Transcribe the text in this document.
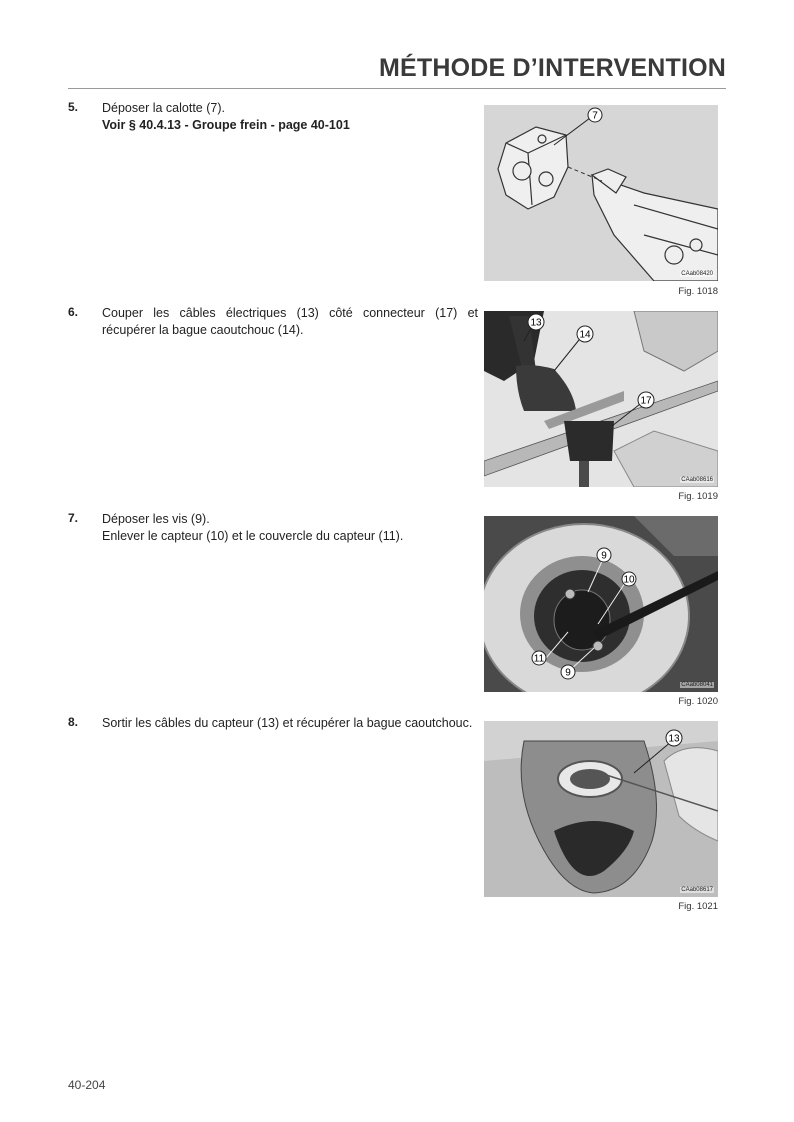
MÉTHODE D’INTERVENTION
5. Déposer la calotte (7).

Voir § 40.4.13 - Groupe frein - page 40-101

6. Couper les câbles électriques (13) côté connecteur (17) et récupérer la bague caoutchouc (14).

7. Déposer les vis (9).

Enlever le capteur (10) et le couvercle du capteur (11).

8. Sortir les câbles du capteur (13) et récupérer la bague caoutchouc.

7
CAab08420
Fig. 1018
13
14
17
CAab08616
Fig. 1019
9
10
11
9
CAab08041
Fig. 1020
13
CAab08617
Fig. 1021
40-204
